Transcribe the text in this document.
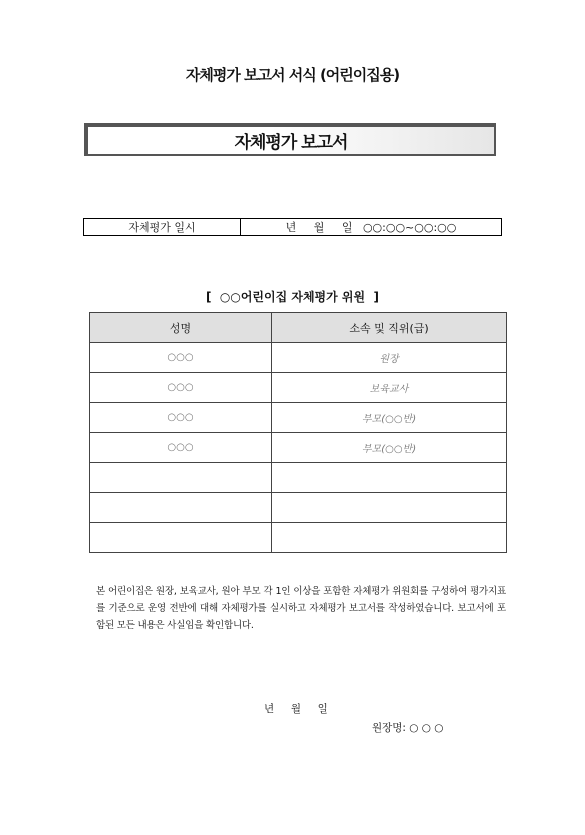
자체평가 보고서 서식 (어린이집용)
자체평가 보고서
자체평가 일시	년     월     일   ○○:○○~○○:○○
[  ○○어린이집 자체평가 위원  ]
성명	소속 및 직위(급)
○○○	원장
○○○	보육교사
○○○	부모(○○반)
○○○	부모(○○반)

본 어린이집은 원장, 보육교사, 원아 부모 각 1인 이상을 포함한 자체평가 위원회를 구성하여 평가지표를 기준으로 운영 전반에 대해 자체평가를 실시하고 자체평가 보고서를 작성하였습니다. 보고서에 포함된 모든 내용은 사실임을 확인합니다.
년     월     일
원장명: ○ ○ ○
